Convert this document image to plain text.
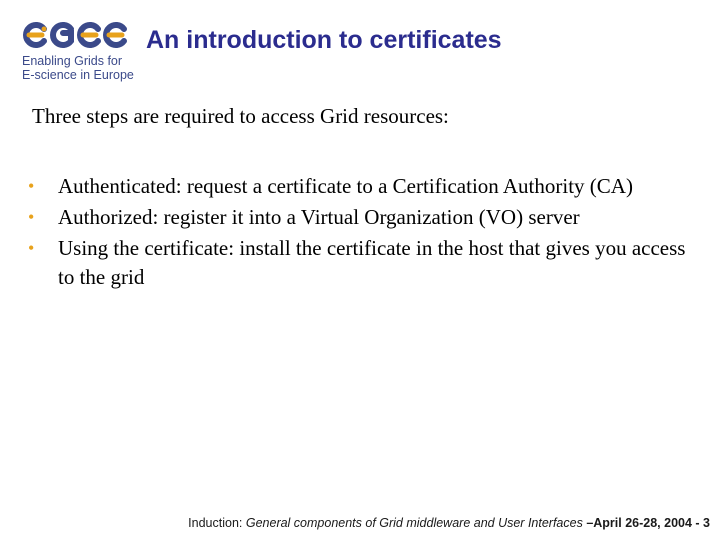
Enabling Grids for
E-science in Europe
An introduction to certificates
Three steps are required to access Grid resources:
• Authenticated: request a certificate to a Certification Authority (CA)
• Authorized: register it into a Virtual Organization (VO) server
• Using the certificate: install the certificate in the host that gives you access to the grid
Induction: General components of Grid middleware and User Interfaces –April 26-28, 2004 - 3
